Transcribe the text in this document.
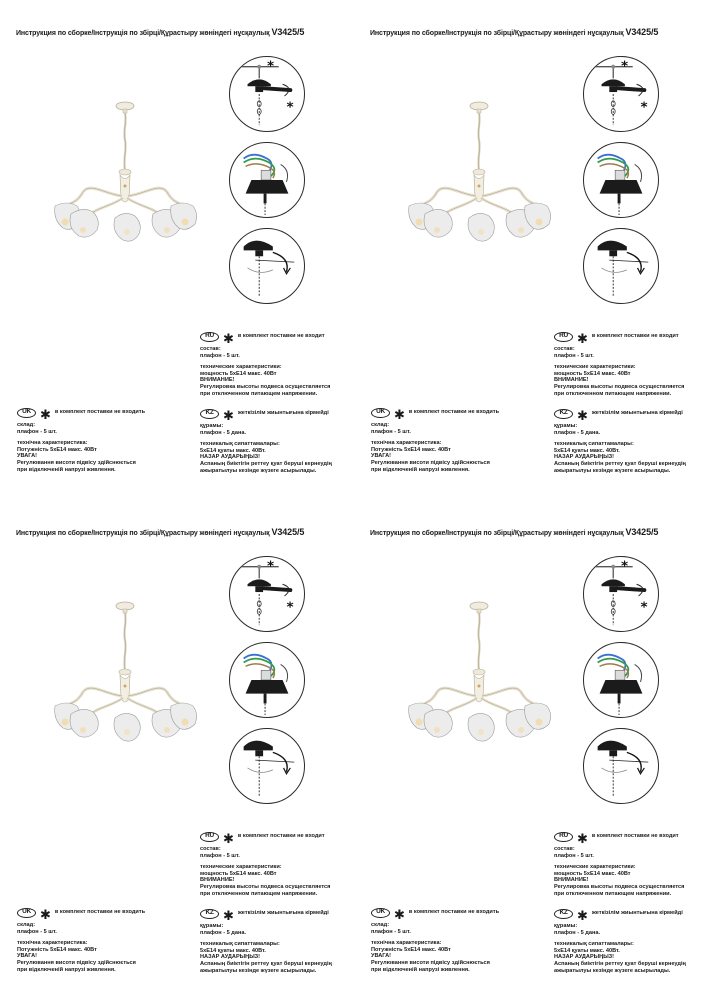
Инструкция по сборке/Інструкція по збірці/Құрастыру жөніндегі нұсқаулық V3425/5
*
*
RU ✱ в комплект поставки не входит
состав:
плафон - 5 шт.
технические характеристики:
мощность 5хЕ14 макс. 40Вт
ВНИМАНИЕ!
Регулировка высоты подвеса осуществляется
при отключенном питающем напряжении.
UK ✱ в комплект поставки не входить
склад:
плафон - 5 шт.
технічна характеристика:
Потужність 5хЕ14 макс. 40Вт
УВАГА!
Регулювання висоти підвісу здійснюється
при відключеній напрузі живлення.
KZ ✱ жеткізілім жиынтығына кірмейді
құрамы:
плафон - 5 дана.
техникалық сипаттамалары:
5хЕ14 қуаты макс. 40Вт.
НАЗАР АУДАРЫҢЫЗ!
Аспаның биіктігін реттеу қуат беруші кернеудің
ажыратылуы кезінде жүзеге асырылады.
Инструкция по сборке/Інструкція по збірці/Құрастыру жөніндегі нұсқаулық V3425/5
*
*
RU ✱ в комплект поставки не входит
состав:
плафон - 5 шт.
технические характеристики:
мощность 5хЕ14 макс. 40Вт
ВНИМАНИЕ!
Регулировка высоты подвеса осуществляется
при отключенном питающем напряжении.
UK ✱ в комплект поставки не входить
склад:
плафон - 5 шт.
технічна характеристика:
Потужність 5хЕ14 макс. 40Вт
УВАГА!
Регулювання висоти підвісу здійснюється
при відключеній напрузі живлення.
KZ ✱ жеткізілім жиынтығына кірмейді
құрамы:
плафон - 5 дана.
техникалық сипаттамалары:
5хЕ14 қуаты макс. 40Вт.
НАЗАР АУДАРЫҢЫЗ!
Аспаның биіктігін реттеу қуат беруші кернеудің
ажыратылуы кезінде жүзеге асырылады.
Инструкция по сборке/Інструкція по збірці/Құрастыру жөніндегі нұсқаулық V3425/5
*
*
RU ✱ в комплект поставки не входит
состав:
плафон - 5 шт.
технические характеристики:
мощность 5хЕ14 макс. 40Вт
ВНИМАНИЕ!
Регулировка высоты подвеса осуществляется
при отключенном питающем напряжении.
UK ✱ в комплект поставки не входить
склад:
плафон - 5 шт.
технічна характеристика:
Потужність 5хЕ14 макс. 40Вт
УВАГА!
Регулювання висоти підвісу здійснюється
при відключеній напрузі живлення.
KZ ✱ жеткізілім жиынтығына кірмейді
құрамы:
плафон - 5 дана.
техникалық сипаттамалары:
5хЕ14 қуаты макс. 40Вт.
НАЗАР АУДАРЫҢЫЗ!
Аспаның биіктігін реттеу қуат беруші кернеудің
ажыратылуы кезінде жүзеге асырылады.
Инструкция по сборке/Інструкція по збірці/Құрастыру жөніндегі нұсқаулық V3425/5
*
*
RU ✱ в комплект поставки не входит
состав:
плафон - 5 шт.
технические характеристики:
мощность 5хЕ14 макс. 40Вт
ВНИМАНИЕ!
Регулировка высоты подвеса осуществляется
при отключенном питающем напряжении.
UK ✱ в комплект поставки не входить
склад:
плафон - 5 шт.
технічна характеристика:
Потужність 5хЕ14 макс. 40Вт
УВАГА!
Регулювання висоти підвісу здійснюється
при відключеній напрузі живлення.
KZ ✱ жеткізілім жиынтығына кірмейді
құрамы:
плафон - 5 дана.
техникалық сипаттамалары:
5хЕ14 қуаты макс. 40Вт.
НАЗАР АУДАРЫҢЫЗ!
Аспаның биіктігін реттеу қуат беруші кернеудің
ажыратылуы кезінде жүзеге асырылады.
